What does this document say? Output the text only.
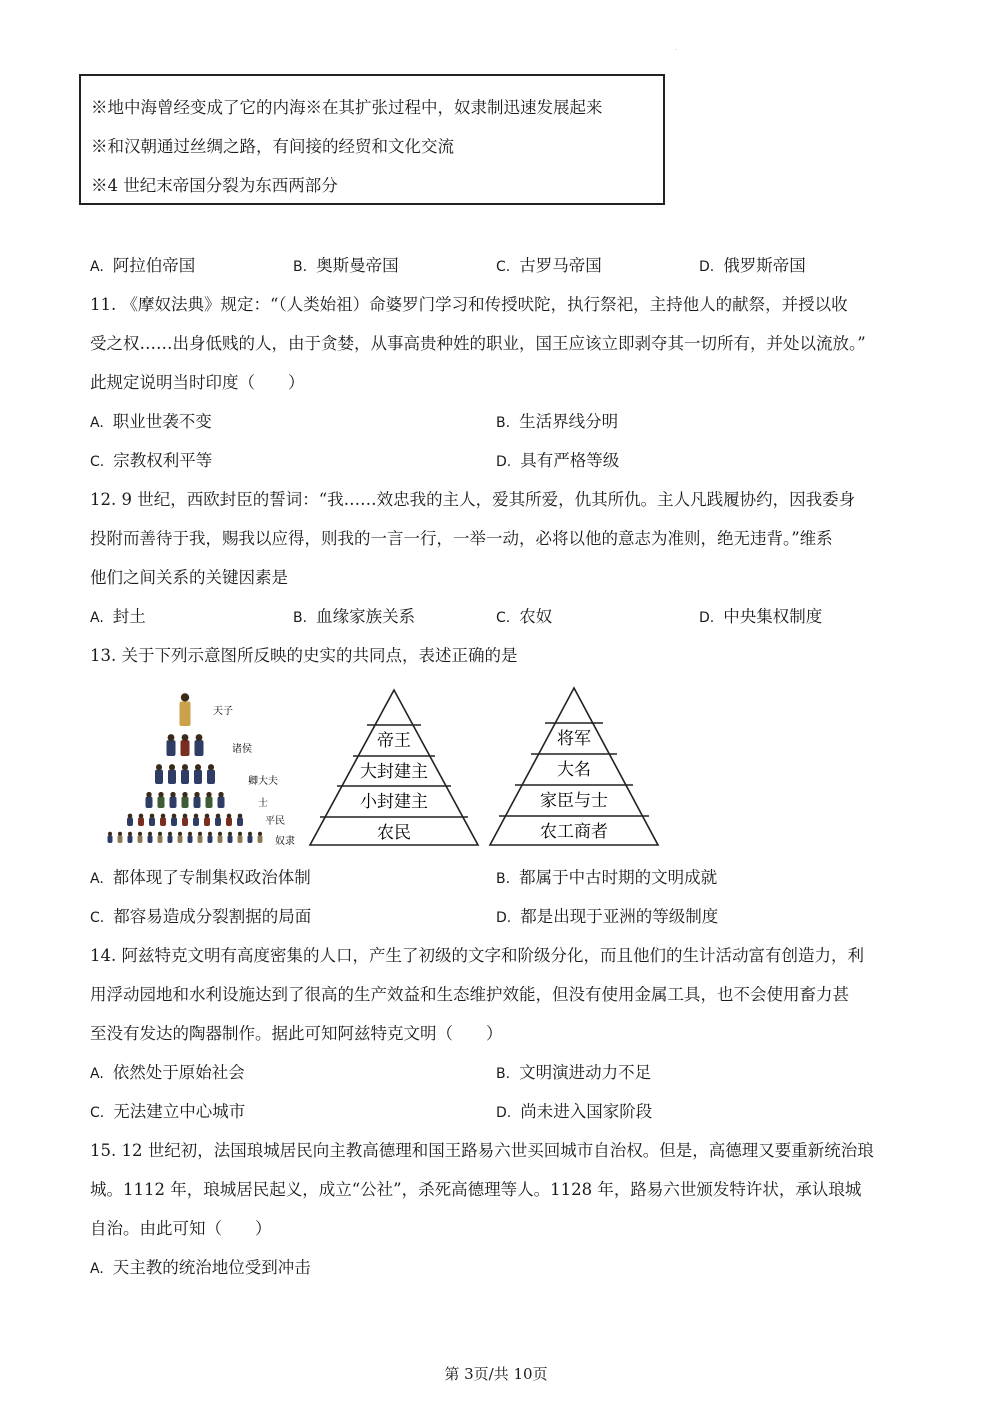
.
※地中海曾经变成了它的内海※在其扩张过程中，奴隶制迅速发展起来
※和汉朝通过丝绸之路，有间接的经贸和文化交流
※4 世纪末帝国分裂为东西两部分
A. 阿拉伯帝国	B. 奥斯曼帝国	C. 古罗马帝国	D. 俄罗斯帝国
11. 《摩奴法典》规定：“（人类始祖）命婆罗门学习和传授吠陀，执行祭祀，主持他人的献祭，并授以收
受之权……出身低贱的人，由于贪婪，从事高贵种姓的职业，国王应该立即剥夺其一切所有，并处以流放。”
此规定说明当时印度（　　）
A. 职业世袭不变	B. 生活界线分明
C. 宗教权利平等	D. 具有严格等级
12. 9 世纪，西欧封臣的誓词：“我……效忠我的主人，爱其所爱，仇其所仇。主人凡践履协约，因我委身
投附而善待于我，赐我以应得，则我的一言一行，一举一动，必将以他的意志为准则，绝无违背。”维系
他们之间关系的关键因素是
A. 封土	B. 血缘家族关系	C. 农奴	D. 中央集权制度
13. 关于下列示意图所反映的史实的共同点，表述正确的是
天子
诸侯
卿大夫
士
平民
奴隶
帝王
大封建主
小封建主
农民
将军
大名
家臣与士
农工商者
A. 都体现了专制集权政治体制	B. 都属于中古时期的文明成就
C. 都容易造成分裂割据的局面	D. 都是出现于亚洲的等级制度
14. 阿兹特克文明有高度密集的人口，产生了初级的文字和阶级分化，而且他们的生计活动富有创造力，利
用浮动园地和水利设施达到了很高的生产效益和生态维护效能，但没有使用金属工具，也不会使用畜力甚
至没有发达的陶器制作。据此可知阿兹特克文明（　　）
A. 依然处于原始社会	B. 文明演进动力不足
C. 无法建立中心城市	D. 尚未进入国家阶段
15. 12 世纪初，法国琅城居民向主教高德理和国王路易六世买回城市自治权。但是，高德理又要重新统治琅
城。1112 年，琅城居民起义，成立“公社”，杀死高德理等人。1128 年，路易六世颁发特许状，承认琅城
自治。由此可知（　　）
A. 天主教的统治地位受到冲击
第 3页/共 10页
